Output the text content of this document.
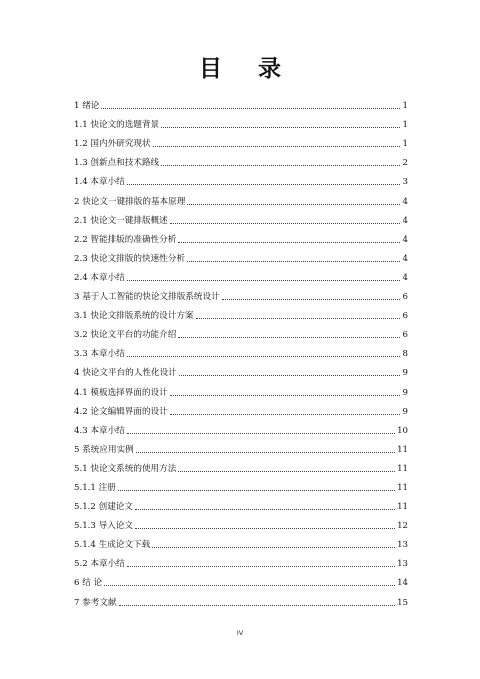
目 录
1 绪论	1
1.1 快论文的选题背景	1
1.2 国内外研究现状	1
1.3 创新点和技术路线	2
1.4 本章小结	3
2 快论文一键排版的基本原理	4
2.1 快论文一键排版概述	4
2.2 智能排版的准确性分析	4
2.3 快论文排版的快速性分析	4
2.4 本章小结	4
3 基于人工智能的快论文排版系统设计	6
3.1 快论文排版系统的设计方案	6
3.2 快论文平台的功能介绍	6
3.3 本章小结	8
4 快论文平台的人性化设计	9
4.1 模板选择界面的设计	9
4.2 论文编辑界面的设计	9
4.3 本章小结	10
5 系统应用实例	11
5.1 快论文系统的使用方法	11
5.1.1 注册	11
5.1.2 创建论文	11
5.1.3 导入论文	12
5.1.4 生成论文下载	13
5.2 本章小结	13
6 结 论	14
7 参考文献	15
IV
